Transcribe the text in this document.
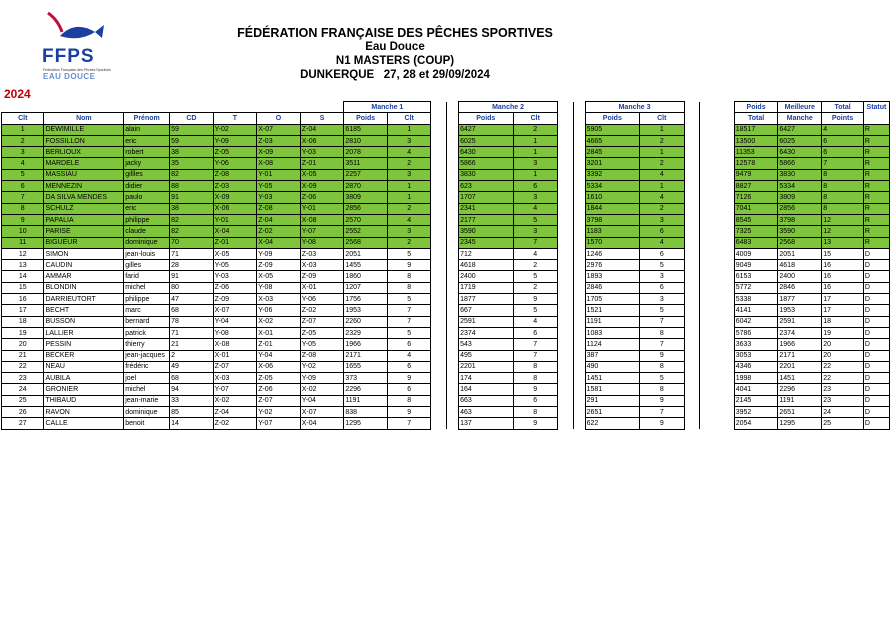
FFPS
Fédération Française des Pêches Sportives
EAU DOUCE
FÉDÉRATION FRANÇAISE DES PÊCHES SPORTIVES
Eau Douce
N1 MASTERS (COUP)
DUNKERQUE   27, 28 et 29/09/2024
2024
							Manche 1				Manche 2				Manche 3				Poids	Meilleure	Total	Statut
Clt	Nom	Prénom	CD	T	O	S	Poids	Clt			Poids	Clt			Poids	Clt			Total	Manche	Points	
1	DEWIMILLE	alain	59	Y-02	X-07	Z-04	6185	1			6427	2			5905	1			18517	6427	4	R
2	FOSSILLON	eric	59	Y-09	Z-03	X-06	2810	3			6025	1			4665	2			13500	6025	6	R
3	BERLIOUX	robert	38	Z-05	X-09	Y-03	2078	4			6430	1			2845	1			11353	6430	6	R
4	MARDELE	jacky	35	Y-06	X-08	Z-01	3511	2			5866	3			3201	2			12578	5866	7	R
5	MASSIAU	gillles	82	Z-08	Y-01	X-05	2257	3			3830	1			3392	4			9479	3830	8	R
6	MENNEZIN	didier	88	Z-03	Y-05	X-09	2870	1			623	6			5334	1			8827	5334	8	R
7	DA SILVA MENDES	paulo	91	X-09	Y-03	Z-06	3809	1			1707	3			1610	4			7126	3809	8	R
8	SCHULZ	eric	38	X-06	Z-08	Y-01	2856	2			2341	4			1844	2			7041	2856	8	R
9	PAPALIA	philippe	82	Y-01	Z-04	X-08	2570	4			2177	5			3798	3			8545	3798	12	R
10	PARISE	claude	82	X-04	Z-02	Y-07	2552	3			3590	3			1183	6			7325	3590	12	R
11	BIGUEUR	dominique	70	Z-01	X-04	Y-08	2568	2			2345	7			1570	4			6483	2568	13	R
12	SIMON	jean-louis	71	X-05	Y-09	Z-03	2051	5			712	4			1246	6			4009	2051	15	D
13	CAUDIN	gilles	28	Y-05	Z-09	X-03	1455	9			4618	2			2976	5			9049	4618	16	D
14	AMMAR	farid	91	Y-03	X-05	Z-09	1860	8			2400	5			1893	3			6153	2400	16	D
15	BLONDIN	michel	80	Z-06	Y-08	X-01	1207	8			1719	2			2846	6			5772	2846	16	D
16	DARRIEUTORT	philippe	47	Z-09	X-03	Y-06	1756	5			1877	9			1705	3			5338	1877	17	D
17	BECHT	marc	68	X-07	Y-06	Z-02	1953	7			667	5			1521	5			4141	1953	17	D
18	BUSSON	bernard	78	Y-04	X-02	Z-07	2260	7			2591	4			1191	7			6042	2591	18	D
19	LALLIER	patrick	71	Y-08	X-01	Z-05	2329	5			2374	6			1083	8			5786	2374	19	D
20	PESSIN	thierry	21	X-08	Z-01	Y-05	1966	6			543	7			1124	7			3633	1966	20	D
21	BECKER	jean-jacques	2	X-01	Y-04	Z-08	2171	4			495	7			387	9			3053	2171	20	D
22	NEAU	frédéric	49	Z-07	X-06	Y-02	1655	6			2201	8			490	8			4346	2201	22	D
23	AUBILA	joel	68	X-03	Z-05	Y-09	373	9			174	8			1451	5			1998	1451	22	D
24	GRONIER	michel	94	Y-07	Z-06	X-02	2296	6			164	9			1581	8			4041	2296	23	D
25	THIBAUD	jean-marie	33	X-02	Z-07	Y-04	1191	8			663	6			291	9			2145	1191	23	D
26	RAVON	dominique	85	Z-04	Y-02	X-07	838	9			463	8			2651	7			3952	2651	24	D
27	CALLE	benoit	14	Z-02	Y-07	X-04	1295	7			137	9			622	9			2054	1295	25	D
